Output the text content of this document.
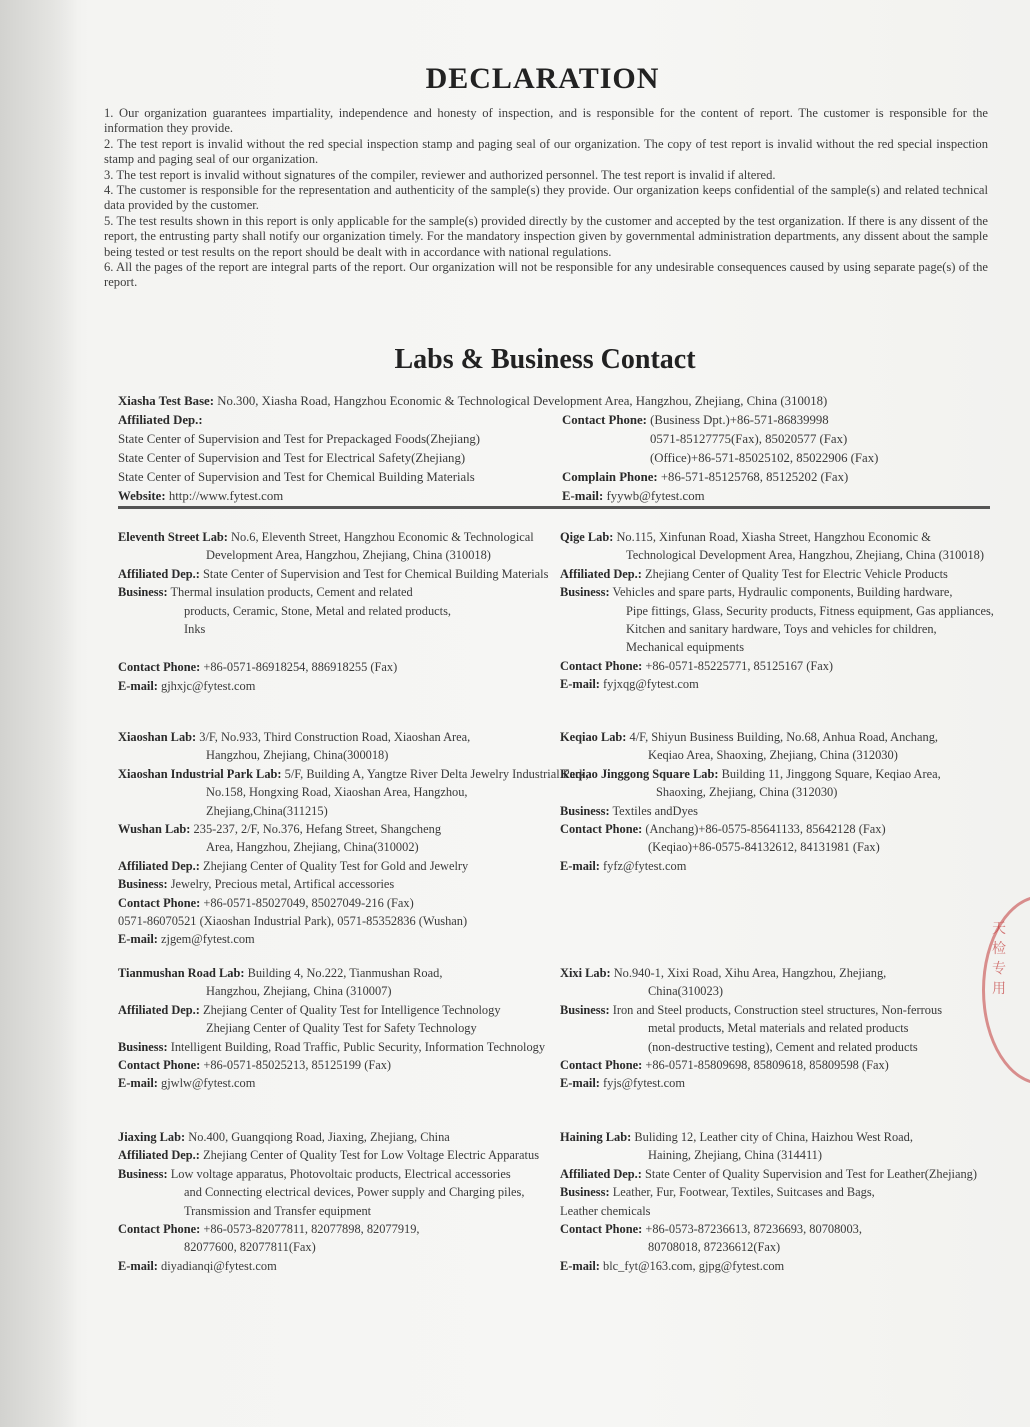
DECLARATION

1. Our organization guarantees impartiality, independence and honesty of inspection, and is responsible for the content of report. The customer is responsible for the information they provide.

2. The test report is invalid without the red special inspection stamp and paging seal of our organization. The copy of test report is invalid without the red special inspection stamp and paging seal of our organization.

3. The test report is invalid without signatures of the compiler, reviewer and authorized personnel. The test report is invalid if altered.

4. The customer is responsible for the representation and authenticity of the sample(s) they provide. Our organization keeps confidential of the sample(s) and related technical data provided by the customer.

5. The test results shown in this report is only applicable for the sample(s) provided directly by the customer and accepted by the test organization. If there is any dissent of the report, the entrusting party shall notify our organization timely. For the mandatory inspection given by governmental administration departments, any dissent about the sample being tested or test results on the report should be dealt with in accordance with national regulations.

6. All the pages of the report are integral parts of the report. Our organization will not be responsible for any undesirable consequences caused by using separate page(s) of the report.

Labs & Business Contact
Xiasha Test Base: No.300, Xiasha Road, Hangzhou Economic & Technological Development Area, Hangzhou, Zhejiang, China (310018)
Affiliated Dep.:	Contact Phone: (Business Dpt.)+86-571-86839998
State Center of Supervision and Test for Prepackaged Foods(Zhejiang)	0571-85127775(Fax), 85020577 (Fax)
State Center of Supervision and Test for Electrical Safety(Zhejiang)	(Office)+86-571-85025102, 85022906 (Fax)
State Center of Supervision and Test for Chemical Building Materials	Complain Phone: +86-571-85125768, 85125202 (Fax)
Website: http://www.fytest.com	E-mail: fyywb@fytest.com
Eleventh Street Lab: No.6, Eleventh Street, Hangzhou Economic & Technological
Development Area, Hangzhou, Zhejiang, China (310018)
Affiliated Dep.: State Center of Supervision and Test for Chemical Building Materials
Business: Thermal insulation products, Cement and related
products, Ceramic, Stone, Metal and related products,
Inks
Contact Phone: +86-0571-86918254, 886918255 (Fax)
E-mail: gjhxjc@fytest.com
Qige Lab: No.115, Xinfunan Road, Xiasha Street, Hangzhou Economic &
Technological Development Area, Hangzhou, Zhejiang, China (310018)
Affiliated Dep.: Zhejiang Center of Quality Test for Electric Vehicle Products
Business: Vehicles and spare parts, Hydraulic components, Building hardware,
Pipe fittings, Glass, Security products, Fitness equipment, Gas appliances,
Kitchen and sanitary hardware, Toys and vehicles for children,
Mechanical equipments
Contact Phone: +86-0571-85225771, 85125167 (Fax)
E-mail: fyjxqg@fytest.com
Xiaoshan Lab: 3/F, No.933, Third Construction Road, Xiaoshan Area,
Hangzhou, Zhejiang, China(300018)
Xiaoshan Industrial Park Lab: 5/F, Building A, Yangtze River Delta Jewelry Industrial Park,
No.158, Hongxing Road, Xiaoshan Area, Hangzhou,
Zhejiang,China(311215)
Wushan Lab: 235-237, 2/F, No.376, Hefang Street, Shangcheng
Area, Hangzhou, Zhejiang, China(310002)
Affiliated Dep.: Zhejiang Center of Quality Test for Gold and Jewelry
Business: Jewelry, Precious metal, Artifical accessories
Contact Phone: +86-0571-85027049, 85027049-216 (Fax)
0571-86070521 (Xiaoshan Industrial Park), 0571-85352836 (Wushan)
E-mail: zjgem@fytest.com
Keqiao Lab: 4/F, Shiyun Business Building, No.68, Anhua Road, Anchang,
Keqiao Area, Shaoxing, Zhejiang, China (312030)
Keqiao Jinggong Square Lab: Building 11, Jinggong Square, Keqiao Area,
Shaoxing, Zhejiang, China (312030)
Business: Textiles andDyes
Contact Phone: (Anchang)+86-0575-85641133, 85642128 (Fax)
(Keqiao)+86-0575-84132612, 84131981 (Fax)
E-mail: fyfz@fytest.com
Tianmushan Road Lab: Building 4, No.222, Tianmushan Road,
Hangzhou, Zhejiang, China (310007)
Affiliated Dep.: Zhejiang Center of Quality Test for Intelligence Technology
Zhejiang Center of Quality Test for Safety Technology
Business: Intelligent Building, Road Traffic, Public Security, Information Technology
Contact Phone: +86-0571-85025213, 85125199 (Fax)
E-mail: gjwlw@fytest.com
Xixi Lab: No.940-1, Xixi Road, Xihu Area, Hangzhou, Zhejiang,
China(310023)
Business: Iron and Steel products, Construction steel structures, Non-ferrous
metal products, Metal materials and related products
(non-destructive testing), Cement and related products
Contact Phone: +86-0571-85809698, 85809618, 85809598 (Fax)
E-mail: fyjs@fytest.com
Jiaxing Lab: No.400, Guangqiong Road, Jiaxing, Zhejiang, China
Affiliated Dep.: Zhejiang Center of Quality Test for Low Voltage Electric Apparatus
Business: Low voltage apparatus, Photovoltaic products, Electrical accessories
and Connecting electrical devices, Power supply and Charging piles,
Transmission and Transfer equipment
Contact Phone: +86-0573-82077811, 82077898, 82077919,
82077600, 82077811(Fax)
E-mail: diyadianqi@fytest.com
Haining Lab: Buliding 12, Leather city of China, Haizhou West Road,
Haining, Zhejiang, China (314411)
Affiliated Dep.: State Center of Quality Supervision and Test for Leather(Zhejiang)
Business: Leather, Fur, Footwear, Textiles, Suitcases and Bags,
Leather chemicals
Contact Phone: +86-0573-87236613, 87236693, 80708003,
80708018, 87236612(Fax)
E-mail: blc_fyt@163.com, gjpg@fytest.com
天
检
专
用
